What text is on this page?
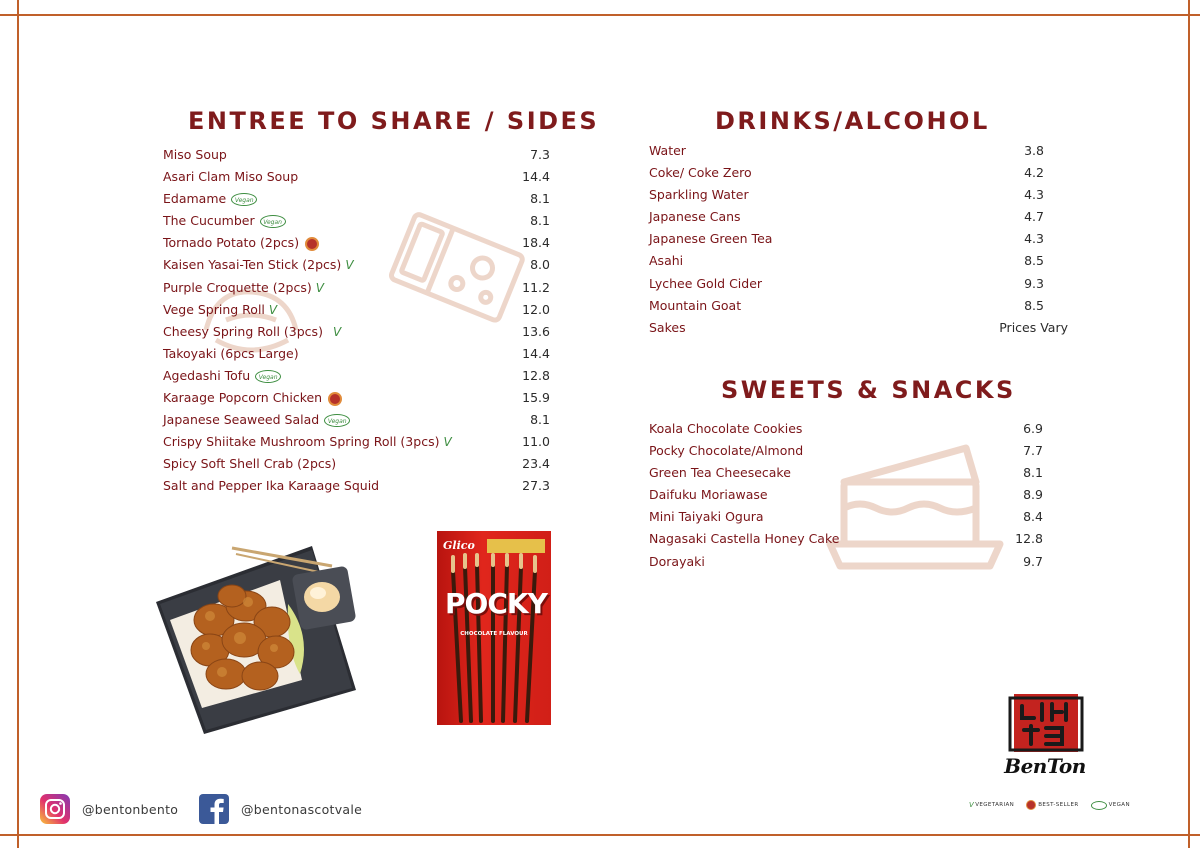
ENTREE TO SHARE / SIDES	DRINKS/ALCOHOL
SWEETS & SNACKS
Miso Soup	7.3
Asari Clam Miso Soup	14.4
Edamame Vegan	8.1
The Cucumber Vegan	8.1
Tornado Potato (2pcs)	18.4
Kaisen Yasai-Ten Stick (2pcs) V	8.0
Purple Croquette (2pcs) V	11.2
Vege Spring Roll V	12.0
Cheesy Spring Roll (3pcs) V	13.6
Takoyaki (6pcs Large)	14.4
Agedashi Tofu Vegan	12.8
Karaage Popcorn Chicken	15.9
Japanese Seaweed Salad Vegan	8.1
Crispy Shiitake Mushroom Spring Roll (3pcs) V	11.0
Spicy Soft Shell Crab (2pcs)	23.4
Salt and Pepper Ika Karaage Squid	27.3
Water	3.8
Coke/ Coke Zero	4.2
Sparkling Water	4.3
Japanese Cans	4.7
Japanese Green Tea	4.3
Asahi	8.5
Lychee Gold Cider	9.3
Mountain Goat	8.5
Sakes	Prices Vary
Koala Chocolate Cookies	6.9
Pocky Chocolate/Almond	7.7
Green Tea Cheesecake	8.1
Daifuku Moriawase	8.9
Mini Taiyaki Ogura	8.4
Nagasaki Castella Honey Cake	12.8
Dorayaki	9.7
Glico
POCKY
CHOCOLATE FLAVOUR
BenTon
@bentonbento	@bentonascotvale	V VEGETARIAN	BEST-SELLER	VEGAN
